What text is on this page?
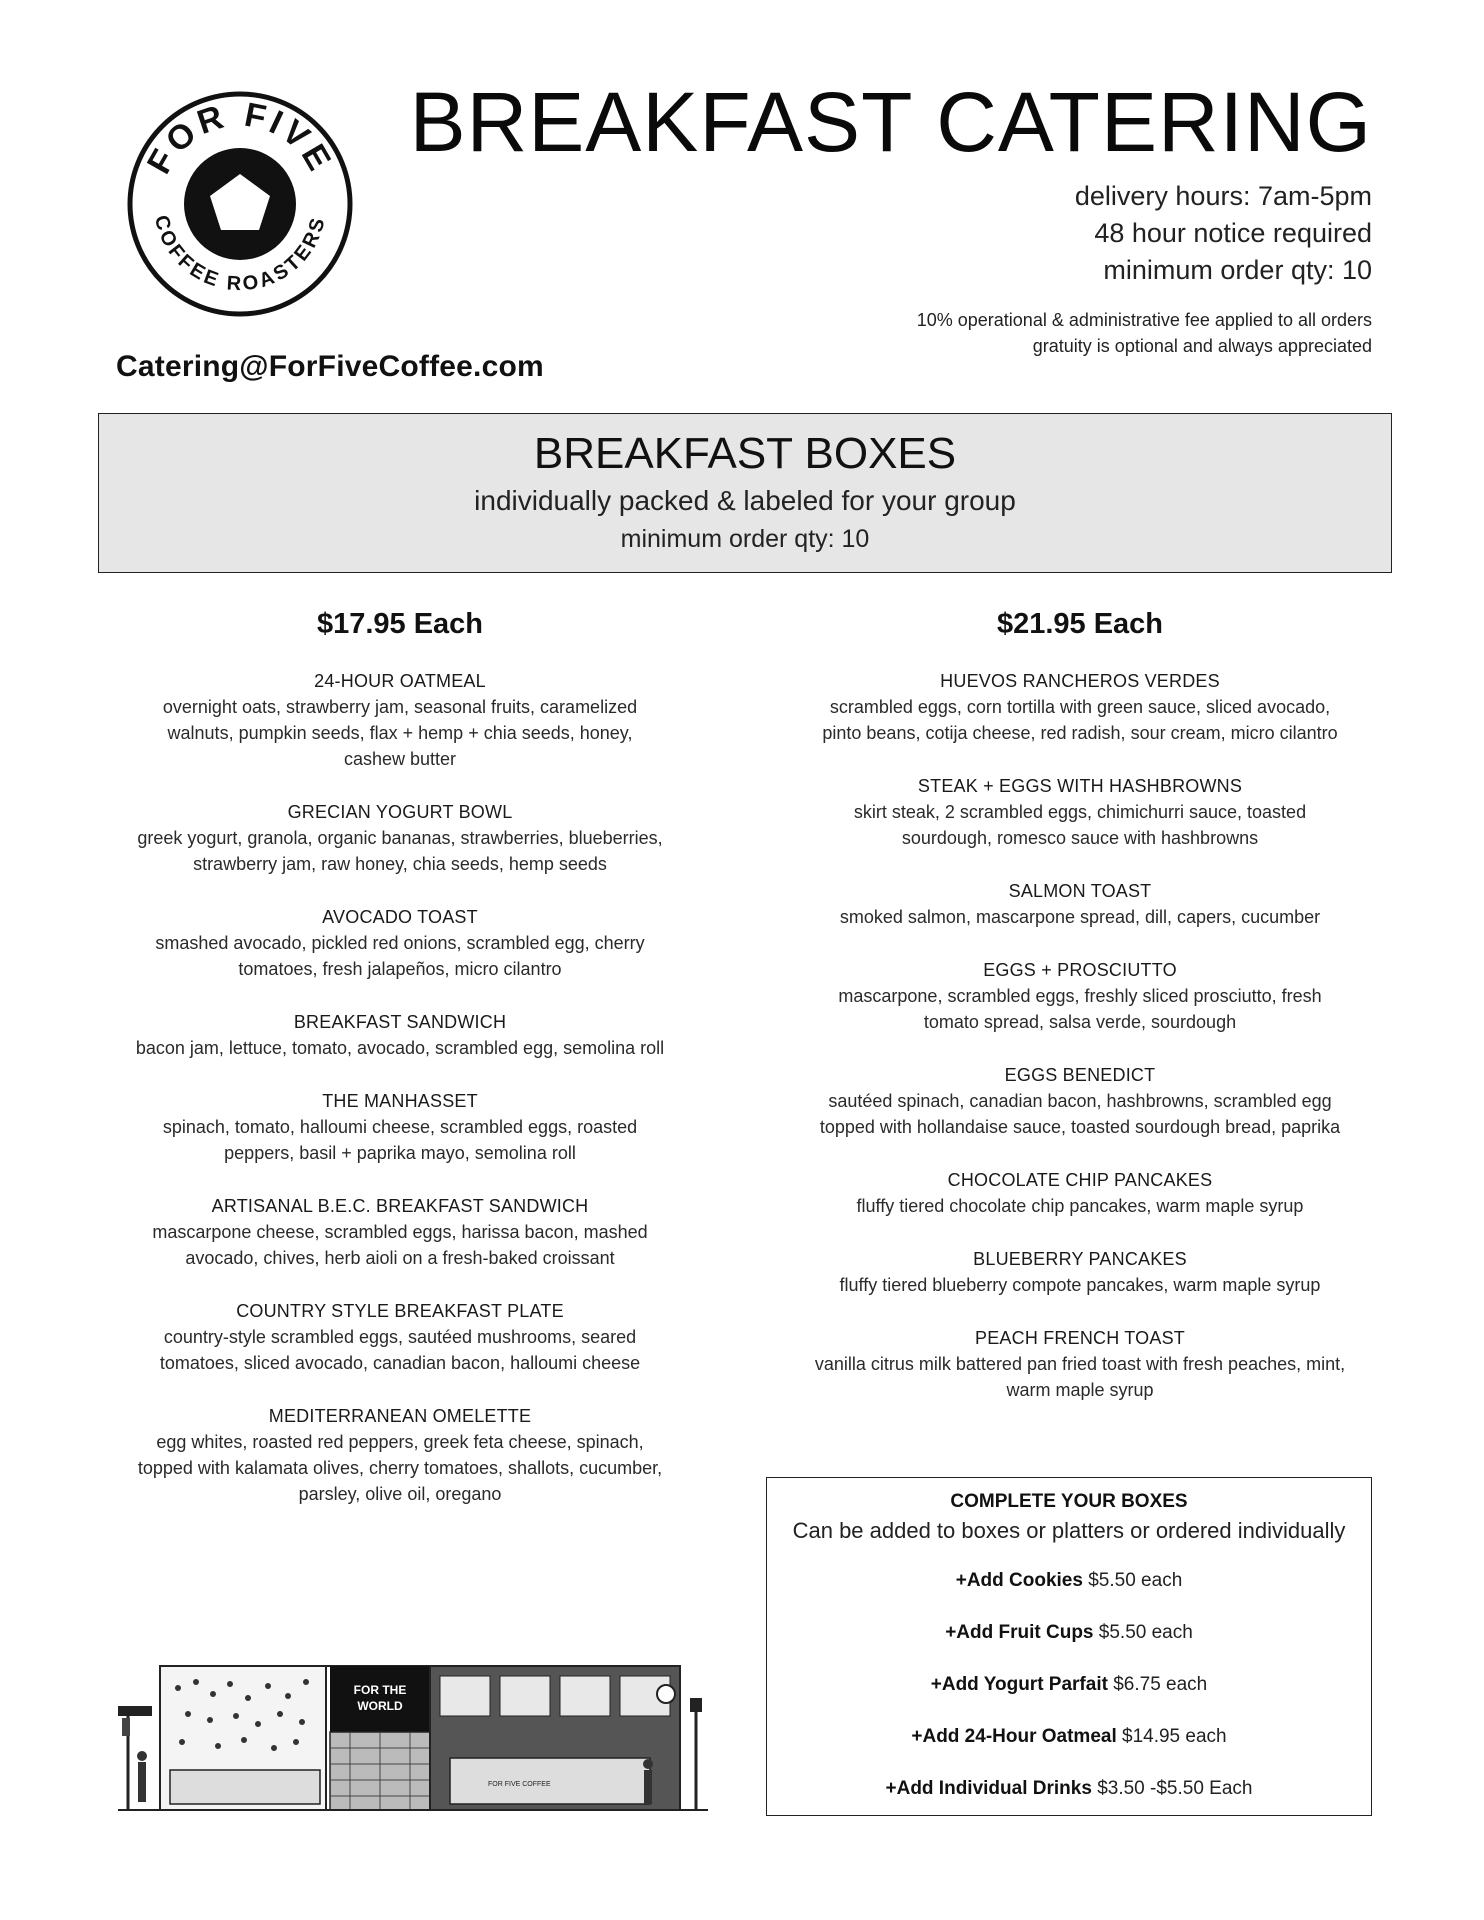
FOR FIVE
COFFEE ROASTERS
Catering@ForFiveCoffee.com
BREAKFAST CATERING
delivery hours: 7am-5pm
48 hour notice required
minimum order qty: 10
10% operational & administrative fee applied to all orders
gratuity is optional and always appreciated
BREAKFAST BOXES
individually packed & labeled for your group
minimum order qty: 10
$17.95 Each
24-HOUR OATMEAL
overnight oats, strawberry jam, seasonal fruits, caramelized
walnuts, pumpkin seeds, flax + hemp + chia seeds, honey,
cashew butter
GRECIAN YOGURT BOWL
greek yogurt, granola, organic bananas, strawberries, blueberries,
strawberry jam, raw honey, chia seeds, hemp seeds
AVOCADO TOAST
smashed avocado, pickled red onions, scrambled egg, cherry
tomatoes, fresh jalapeños, micro cilantro
BREAKFAST SANDWICH
bacon jam, lettuce, tomato, avocado, scrambled egg, semolina roll
THE MANHASSET
spinach, tomato, halloumi cheese, scrambled eggs, roasted
peppers, basil + paprika mayo, semolina roll
ARTISANAL B.E.C. BREAKFAST SANDWICH
mascarpone cheese, scrambled eggs, harissa bacon, mashed
avocado, chives, herb aioli on a fresh-baked croissant
COUNTRY STYLE BREAKFAST PLATE
country-style scrambled eggs, sautéed mushrooms, seared
tomatoes, sliced avocado, canadian bacon, halloumi cheese
MEDITERRANEAN OMELETTE
egg whites, roasted red peppers, greek feta cheese, spinach,
topped with kalamata olives, cherry tomatoes, shallots, cucumber,
parsley, olive oil, oregano
$21.95 Each
HUEVOS RANCHEROS VERDES
scrambled eggs, corn tortilla with green sauce, sliced avocado,
pinto beans, cotija cheese, red radish, sour cream, micro cilantro
STEAK + EGGS WITH HASHBROWNS
skirt steak, 2 scrambled eggs, chimichurri sauce, toasted
sourdough, romesco sauce with hashbrowns
SALMON TOAST
smoked salmon, mascarpone spread, dill, capers, cucumber
EGGS + PROSCIUTTO
mascarpone, scrambled eggs, freshly sliced prosciutto, fresh
tomato spread, salsa verde, sourdough
EGGS BENEDICT
sautéed spinach, canadian bacon, hashbrowns, scrambled egg
topped with hollandaise sauce, toasted sourdough bread, paprika
CHOCOLATE CHIP PANCAKES
fluffy tiered chocolate chip pancakes, warm maple syrup
BLUEBERRY PANCAKES
fluffy tiered blueberry compote pancakes, warm maple syrup
PEACH FRENCH TOAST
vanilla citrus milk battered pan fried toast with fresh peaches, mint,
warm maple syrup
COMPLETE YOUR BOXES
Can be added to boxes or platters or ordered individually
+Add Cookies $5.50 each
+Add Fruit Cups $5.50 each
+Add Yogurt Parfait $6.75 each
+Add 24-Hour Oatmeal $14.95 each
+Add Individual Drinks $3.50 -$5.50 Each
FOR THE
WORLD
FOR FIVE COFFEE
